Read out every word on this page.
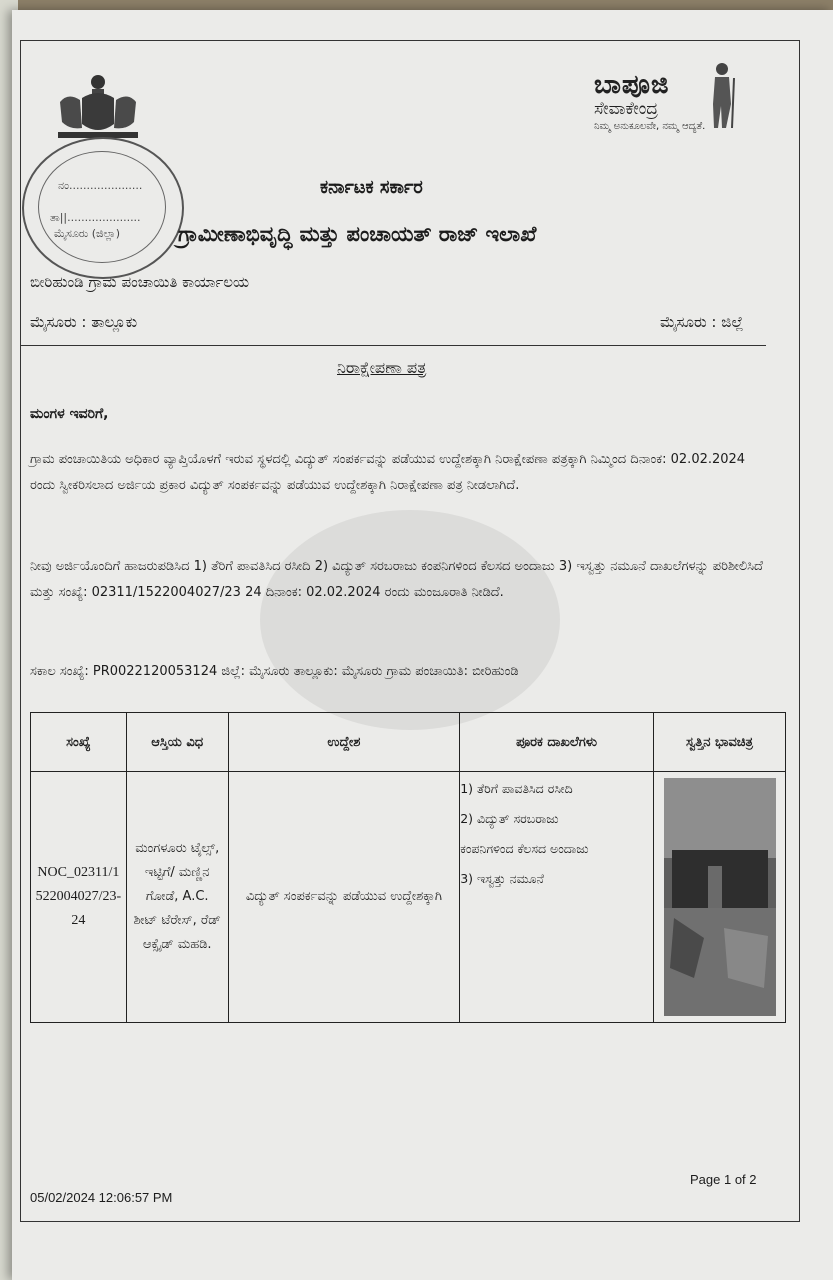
ನಂ.....................
ತಾ||.....................
ಮೈಸೂರು (ಜಿಲ್ಲಾ)
ಬಾಪೂಜಿ
ಸೇವಾಕೇಂದ್ರ
ನಿಮ್ಮ ಅನುಕೂಲವೇ, ನಮ್ಮ ಆದ್ಯತೆ.
ಕರ್ನಾಟಕ ಸರ್ಕಾರ
ಗ್ರಾಮೀಣಾಭಿವೃದ್ಧಿ ಮತ್ತು ಪಂಚಾಯತ್ ರಾಜ್ ಇಲಾಖೆ
ಬೀರಿಹುಂಡಿ ಗ್ರಾಮ ಪಂಚಾಯಿತಿ ಕಾರ್ಯಾಲಯ
ಮೈಸೂರು : ತಾಲ್ಲೂಕು	ಮೈಸೂರು : ಜಿಲ್ಲೆ
ನಿರಾಕ್ಷೇಪಣಾ ಪತ್ರ
ಮಂಗಳ ಇವರಿಗೆ,
ಗ್ರಾಮ ಪಂಚಾಯಿತಿಯ ಅಧಿಕಾರ ವ್ಯಾಪ್ತಿಯೊಳಗೆ ಇರುವ ಸ್ಥಳದಲ್ಲಿ ವಿದ್ಯುತ್ ಸಂಪರ್ಕವನ್ನು ಪಡೆಯುವ ಉದ್ದೇಶಕ್ಕಾಗಿ ನಿರಾಕ್ಷೇಪಣಾ ಪತ್ರಕ್ಕಾಗಿ ನಿಮ್ಮಿಂದ ದಿನಾಂಕ: 02.02.2024 ರಂದು ಸ್ವೀಕರಿಸಲಾದ ಅರ್ಜಿಯ ಪ್ರಕಾರ ವಿದ್ಯುತ್ ಸಂಪರ್ಕವನ್ನು ಪಡೆಯುವ ಉದ್ದೇಶಕ್ಕಾಗಿ ನಿರಾಕ್ಷೇಪಣಾ ಪತ್ರ ನೀಡಲಾಗಿದೆ.
ನೀವು ಅರ್ಜಿಯೊಂದಿಗೆ ಹಾಜರುಪಡಿಸಿದ 1) ತೆರಿಗೆ ಪಾವತಿಸಿದ ರಸೀದಿ 2) ವಿದ್ಯುತ್ ಸರಬರಾಜು ಕಂಪನಿಗಳಿಂದ ಕೆಲಸದ ಅಂದಾಜು 3) ಇಸ್ವತ್ತು ನಮೂನೆ ದಾಖಲೆಗಳನ್ನು ಪರಿಶೀಲಿಸಿದೆ ಮತ್ತು ಸಂಖ್ಯೆ: 02311/1522004027/23 24 ದಿನಾಂಕ: 02.02.2024 ರಂದು ಮಂಜೂರಾತಿ ನೀಡಿದೆ.
ಸಕಾಲ ಸಂಖ್ಯೆ: PR0022120053124 ಜಿಲ್ಲೆ: ಮೈಸೂರು ತಾಲ್ಲೂಕು: ಮೈಸೂರು ಗ್ರಾಮ ಪಂಚಾಯಿತಿ: ಬೀರಿಹುಂಡಿ
ಸಂಖ್ಯೆ	ಆಸ್ತಿಯ ವಿಧ	ಉದ್ದೇಶ	ಪೂರಕ ದಾಖಲೆಗಳು	ಸ್ವತ್ತಿನ ಭಾವಚಿತ್ರ
NOC_02311/1522004027/23-24	ಮಂಗಳೂರು ಟೈಲ್ಸ್, ಇಟ್ಟಿಗೆ/ ಮಣ್ಣಿನ ಗೋಡೆ, A.C. ಶೀಟ್ ಟೆರೇಸ್, ರೆಡ್ ಆಕ್ಸೈಡ್ ಮಹಡಿ.	ವಿದ್ಯುತ್ ಸಂಪರ್ಕವನ್ನು ಪಡೆಯುವ ಉದ್ದೇಶಕ್ಕಾಗಿ	1) ತೆರಿಗೆ ಪಾವತಿಸಿದ ರಸೀದಿ
2) ವಿದ್ಯುತ್ ಸರಬರಾಜು
ಕಂಪನಿಗಳಿಂದ ಕೆಲಸದ ಅಂದಾಜು
3) ಇಸ್ವತ್ತು ನಮೂನೆ

Page 1 of 2
05/02/2024 12:06:57 PM
